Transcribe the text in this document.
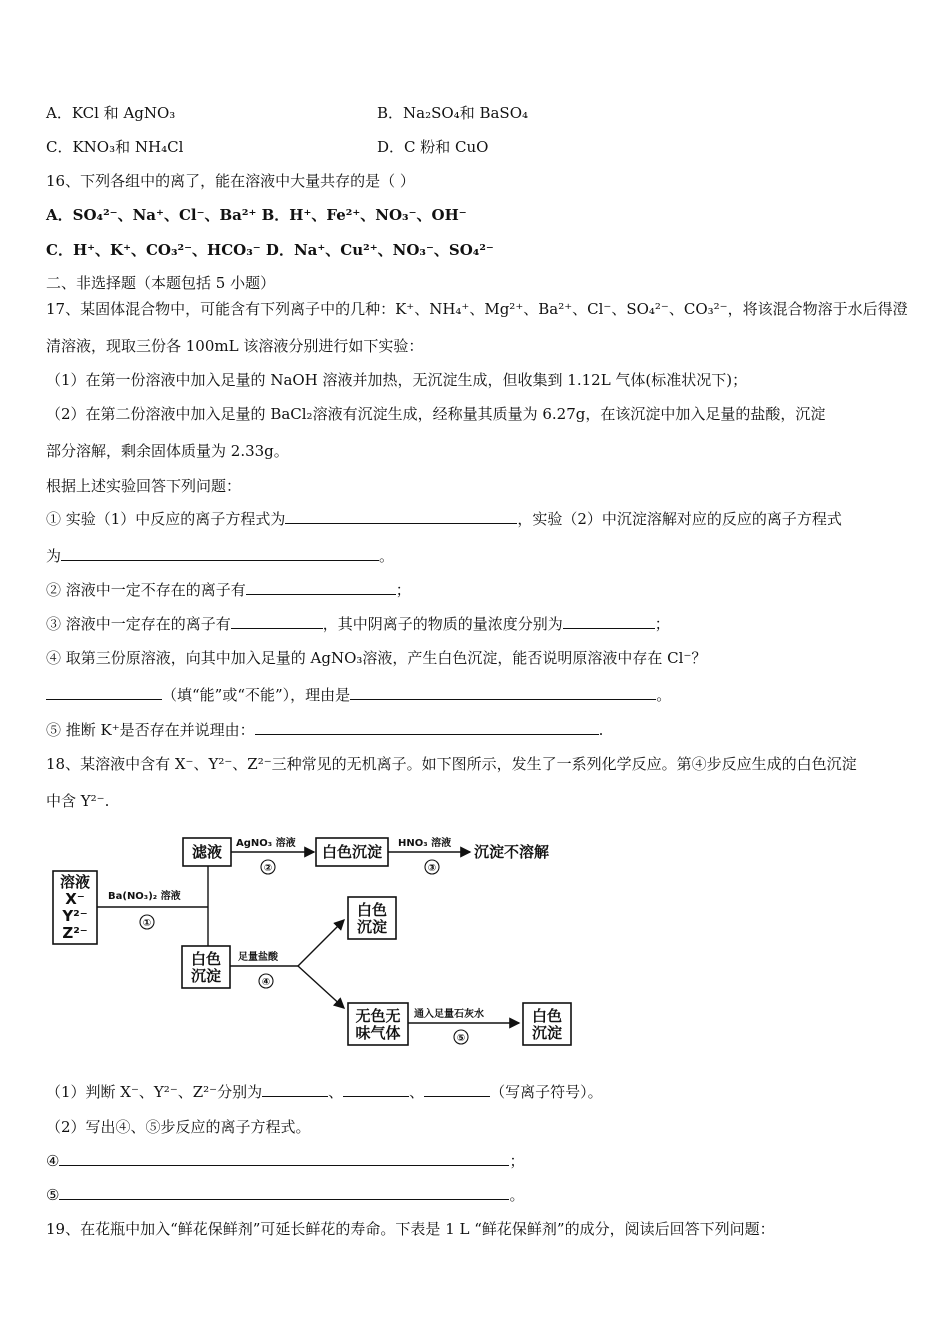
A．KCl 和 AgNO₃	B．Na₂SO₄和 BaSO₄
C．KNO₃和 NH₄Cl	D．C 粉和 CuO
16、下列各组中的离了，能在溶液中大量共存的是（ ）
A．SO₄²⁻、Na⁺、Cl⁻、Ba²⁺ B．H⁺、Fe²⁺、NO₃⁻、OH⁻
C．H⁺、K⁺、CO₃²⁻、HCO₃⁻ D．Na⁺、Cu²⁺、NO₃⁻、SO₄²⁻
二、非选择题（本题包括 5 小题）
17、某固体混合物中，可能含有下列离子中的几种：K⁺、NH₄⁺、Mg²⁺、Ba²⁺、Cl⁻、SO₄²⁻、CO₃²⁻，将该混合物溶于水后得澄
清溶液，现取三份各 100mL 该溶液分别进行如下实验：
（1）在第一份溶液中加入足量的 NaOH 溶液并加热，无沉淀生成，但收集到 1.12L 气体(标准状况下)；
（2）在第二份溶液中加入足量的 BaCl₂溶液有沉淀生成，经称量其质量为 6.27g，在该沉淀中加入足量的盐酸，沉淀
部分溶解，剩余固体质量为 2.33g。
根据上述实验回答下列问题：
① 实验（1）中反应的离子方程式为	，实验（2）中沉淀溶解对应的反应的离子方程式
为	。
② 溶液中一定不存在的离子有	；
③ 溶液中一定存在的离子有	，其中阴离子的物质的量浓度分别为	；
④ 取第三份原溶液，向其中加入足量的 AgNO₃溶液，产生白色沉淀，能否说明原溶液中存在 Cl⁻？
（填“能”或“不能”），理由是	。
⑤ 推断 K⁺是否存在并说理由：	.
18、某溶液中含有 X⁻、Y²⁻、Z²⁻三种常见的无机离子。如下图所示，发生了一系列化学反应。第④步反应生成的白色沉淀
中含 Y²⁻.
溶液
X⁻
Y²⁻
Z²⁻
Ba(NO₃)₂ 溶液
①
滤液 AgNO₃ 溶液
②
白色沉淀 HNO₃ 溶液
③
沉淀不溶解
白色
沉淀
足量盐酸
④
白色
沉淀
无色无
味气体
通入足量石灰水
⑤
白色
沉淀
（1）判断 X⁻、Y²⁻、Z²⁻分别为	、	、	（写离子符号）。
（2）写出④、⑤步反应的离子方程式。
④	；
⑤	。
19、在花瓶中加入“鲜花保鲜剂”可延长鲜花的寿命。下表是 1 L “鲜花保鲜剂”的成分，阅读后回答下列问题：
